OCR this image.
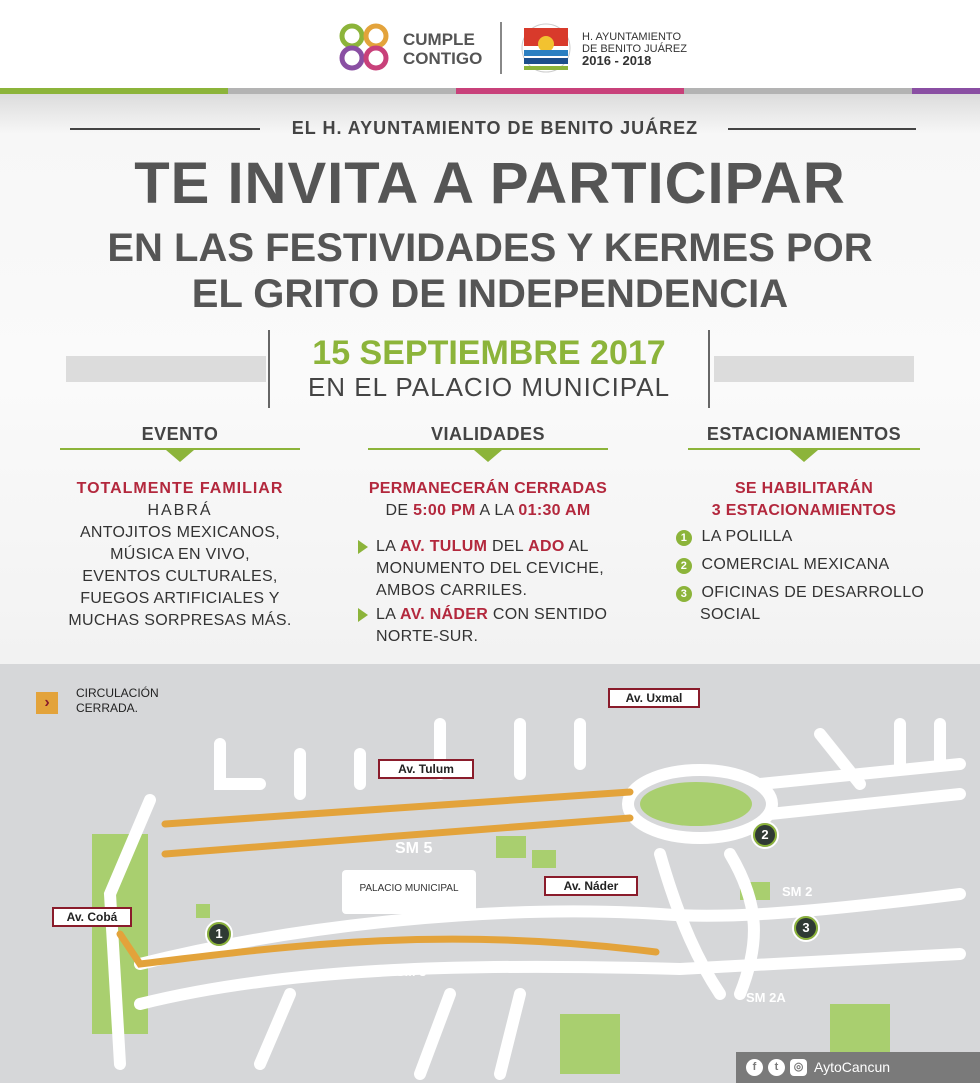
CUMPLE
CONTIGO
H. AYUNTAMIENTO
DE BENITO JUÁREZ
2016 - 2018
EL H. AYUNTAMIENTO DE BENITO JUÁREZ
TE INVITA A PARTICIPAR
EN LAS FESTIVIDADES Y KERMES POR
EL GRITO DE INDEPENDENCIA
15 SEPTIEMBRE 2017
EN EL PALACIO MUNICIPAL
EVENTO	VIALIDADES	ESTACIONAMIENTOS
TOTALMENTE FAMILIAR
HABRÁ
ANTOJITOS MEXICANOS,
MÚSICA EN VIVO,
EVENTOS CULTURALES,
FUEGOS ARTIFICIALES Y
MUCHAS SORPRESAS MÁS.
PERMANECERÁN CERRADAS
DE 5:00 PM A LA 01:30 AM
LA AV. TULUM DEL ADO AL
MONUMENTO DEL CEVICHE,
AMBOS CARRILES.
LA AV. NÁDER CON SENTIDO
NORTE-SUR.
SE HABILITARÁN
3 ESTACIONAMIENTOS
1 LA POLILLA
2 COMERCIAL MEXICANA
3 OFICINAS DE DESARROLLO
SOCIAL
›
CIRCULACIÓN
CERRADA.
Av. Uxmal
Av. Tulum
Av. Náder
Av. Cobá
PALACIO MUNICIPAL
SM 5
SM 3
SM 2
SM 2A
1
2
3
f	t	◎ AytoCancun
